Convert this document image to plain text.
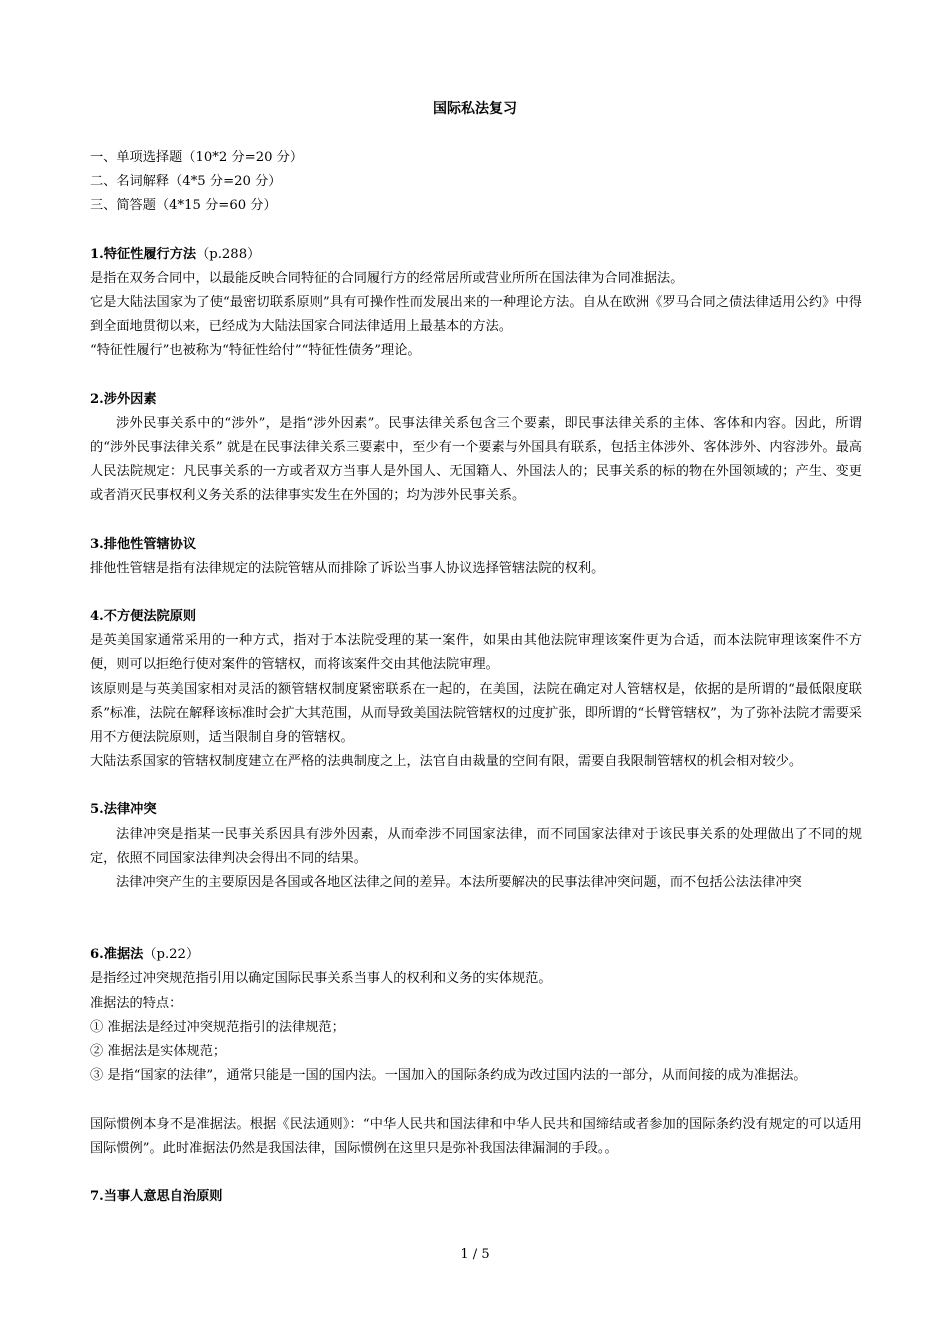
国际私法复习

一、单项选择题（10*2 分=20 分）

二、名词解释（4*5 分=20 分）

三、简答题（4*15 分=60 分）

1.特征性履行方法（p.288）

是指在双务合同中，以最能反映合同特征的合同履行方的经常居所或营业所所在国法律为合同准据法。

它是大陆法国家为了使“最密切联系原则”具有可操作性而发展出来的一种理论方法。自从在欧洲《罗马合同之债法律适用公约》中得到全面地贯彻以来，已经成为大陆法国家合同法律适用上最基本的方法。

“特征性履行”也被称为“特征性给付”“特征性债务”理论。

2.涉外因素

涉外民事关系中的“涉外”，是指“涉外因素”。民事法律关系包含三个要素，即民事法律关系的主体、客体和内容。因此，所谓的“涉外民事法律关系” 就是在民事法律关系三要素中，至少有一个要素与外国具有联系，包括主体涉外、客体涉外、内容涉外。最高人民法院规定：凡民事关系的一方或者双方当事人是外国人、无国籍人、外国法人的；民事关系的标的物在外国领域的；产生、变更或者消灭民事权利义务关系的法律事实发生在外国的；均为涉外民事关系。

3.排他性管辖协议

排他性管辖是指有法律规定的法院管辖从而排除了诉讼当事人协议选择管辖法院的权利。

4.不方便法院原则

是英美国家通常采用的一种方式，指对于本法院受理的某一案件，如果由其他法院审理该案件更为合适，而本法院审理该案件不方便，则可以拒绝行使对案件的管辖权，而将该案件交由其他法院审理。

该原则是与英美国家相对灵活的额管辖权制度紧密联系在一起的，在美国，法院在确定对人管辖权是，依据的是所谓的“最低限度联系”标准，法院在解释该标准时会扩大其范围，从而导致美国法院管辖权的过度扩张，即所谓的“长臂管辖权”，为了弥补法院才需要采用不方便法院原则，适当限制自身的管辖权。

大陆法系国家的管辖权制度建立在严格的法典制度之上，法官自由裁量的空间有限，需要自我限制管辖权的机会相对较少。

5.法律冲突

法律冲突是指某一民事关系因具有涉外因素，从而牵涉不同国家法律，而不同国家法律对于该民事关系的处理做出了不同的规定，依照不同国家法律判决会得出不同的结果。

法律冲突产生的主要原因是各国或各地区法律之间的差异。本法所要解决的民事法律冲突问题，而不包括公法法律冲突

6.准据法（p.22）

是指经过冲突规范指引用以确定国际民事关系当事人的权利和义务的实体规范。

准据法的特点：

① 准据法是经过冲突规范指引的法律规范；

② 准据法是实体规范；

③ 是指“国家的法律”，通常只能是一国的国内法。一国加入的国际条约成为改过国内法的一部分，从而间接的成为准据法。

国际惯例本身不是准据法。根据《民法通则》：“中华人民共和国法律和中华人民共和国缔结或者参加的国际条约没有规定的可以适用国际惯例”。此时准据法仍然是我国法律，国际惯例在这里只是弥补我国法律漏洞的手段。。

7.当事人意思自治原则

1 / 5
